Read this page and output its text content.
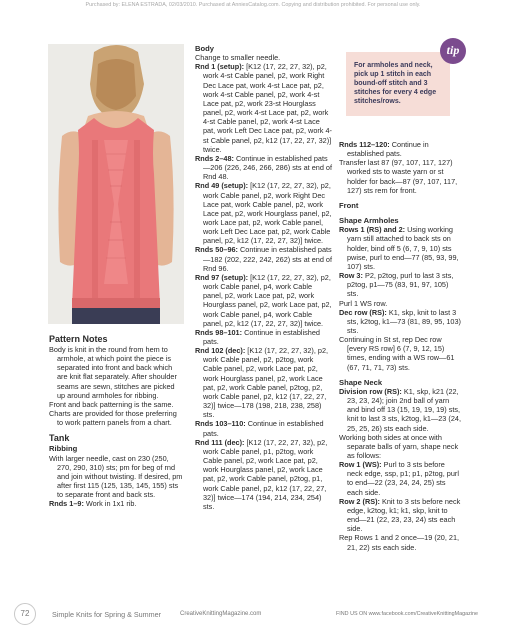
Purchased by: ELENA ESTRADA, 02/03/2010. Purchased at AnniesCatalog.com. Copying and distribution prohibited. For personal use only.
Pattern Notes

Body is knit in the round from hem to armhole, at which point the piece is separated into front and back which are knit flat separately. After shoulder seams are sewn, stitches are picked up around armholes for ribbing.

Front and back patterning is the same.

Charts are provided for those preferring to work pattern panels from a chart.

Tank
Ribbing

With larger needle, cast on 230 (250, 270, 290, 310) sts; pm for beg of rnd and join without twisting. If desired, pm after first 115 (125, 135, 145, 155) sts to separate front and back sts.

Rnds 1–9: Work in 1x1 rib.

Body

Change to smaller needle.

Rnd 1 (setup): [K12 (17, 22, 27, 32), p2, work 4-st Cable panel, p2, work Right Dec Lace pat, work 4-st Lace pat, p2, work 4-st Cable panel, p2, work 4-st Lace pat, p2, work 23-st Hourglass panel, p2, work 4-st Lace pat, p2, work 4-st Cable panel, p2, work 4-st Lace pat, work Left Dec Lace pat, p2, work 4-st Cable panel, p2, k12 (17, 22, 27, 32)] twice.

Rnds 2–48: Continue in established pats—206 (226, 246, 266, 286) sts at end of Rnd 48.

Rnd 49 (setup): [K12 (17, 22, 27, 32), p2, work Cable panel, p2, work Right Dec Lace pat, work Cable panel, p2, work Lace pat, p2, work Hourglass panel, p2, work Lace pat, p2, work Cable panel, work Left Dec Lace pat, p2, work Cable panel, p2, k12 (17, 22, 27, 32)] twice.

Rnds 50–96: Continue in established pats—182 (202, 222, 242, 262) sts at end of Rnd 96.

Rnd 97 (setup): [K12 (17, 22, 27, 32), p2, work Cable panel, p4, work Cable panel, p2, work Lace pat, p2, work Hourglass panel, p2, work Lace pat, p2, work Cable panel, p4, work Cable panel, p2, k12 (17, 22, 27, 32)] twice.

Rnds 98–101: Continue in established pats.

Rnd 102 (dec): [K12 (17, 22, 27, 32), p2, work Cable panel, p2, p2tog, work Cable panel, p2, work Lace pat, p2, work Hourglass panel, p2, work Lace pat, p2, work Cable panel, p2tog, p2, work Cable panel, p2, k12 (17, 22, 27, 32)] twice—178 (198, 218, 238, 258) sts.

Rnds 103–110: Continue in established pats.

Rnd 111 (dec): [K12 (17, 22, 27, 32), p2, work Cable panel, p1, p2tog, work Cable panel, p2, work Lace pat, p2, work Hourglass panel, p2, work Lace pat, p2, work Cable panel, p2tog, p1, work Cable panel, p2, k12 (17, 22, 27, 32)] twice—174 (194, 214, 234, 254) sts.

For armholes and neck, pick up 1 stitch in each bound-off stitch and 3 stitches for every 4 edge stitches/rows.
tip

Rnds 112–120: Continue in established pats.

Transfer last 87 (97, 107, 117, 127) worked sts to waste yarn or st holder for back—87 (97, 107, 117, 127) sts rem for front.

Front
Shape Armholes

Rows 1 (RS) and 2: Using working yarn still attached to back sts on holder, bind off 5 (6, 7, 9, 10) sts pwise, purl to end—77 (85, 93, 99, 107) sts.

Row 3: P2, p2tog, purl to last 3 sts, p2tog, p1—75 (83, 91, 97, 105) sts.

Purl 1 WS row.

Dec row (RS): K1, skp, knit to last 3 sts, k2tog, k1—73 (81, 89, 95, 103) sts.

Continuing in St st, rep Dec row [every RS row] 6 (7, 9, 12, 15) times, ending with a WS row—61 (67, 71, 71, 73) sts.

Shape Neck

Division row (RS): K1, skp, k21 (22, 23, 23, 24); join 2nd ball of yarn and bind off 13 (15, 19, 19, 19) sts, knit to last 3 sts, k2tog, k1—23 (24, 25, 25, 26) sts each side.

Working both sides at once with separate balls of yarn, shape neck as follows:

Row 1 (WS): Purl to 3 sts before neck edge, ssp, p1; p1, p2tog, purl to end—22 (23, 24, 24, 25) sts each side.

Row 2 (RS): Knit to 3 sts before neck edge, k2tog, k1; k1, skp, knit to end—21 (22, 23, 23, 24) sts each side.

Rep Rows 1 and 2 once—19 (20, 21, 21, 22) sts each side.

72	Simple Knits for Spring & Summer	CreativeKnittingMagazine.com	FIND US ON www.facebook.com/CreativeKnittingMagazine
